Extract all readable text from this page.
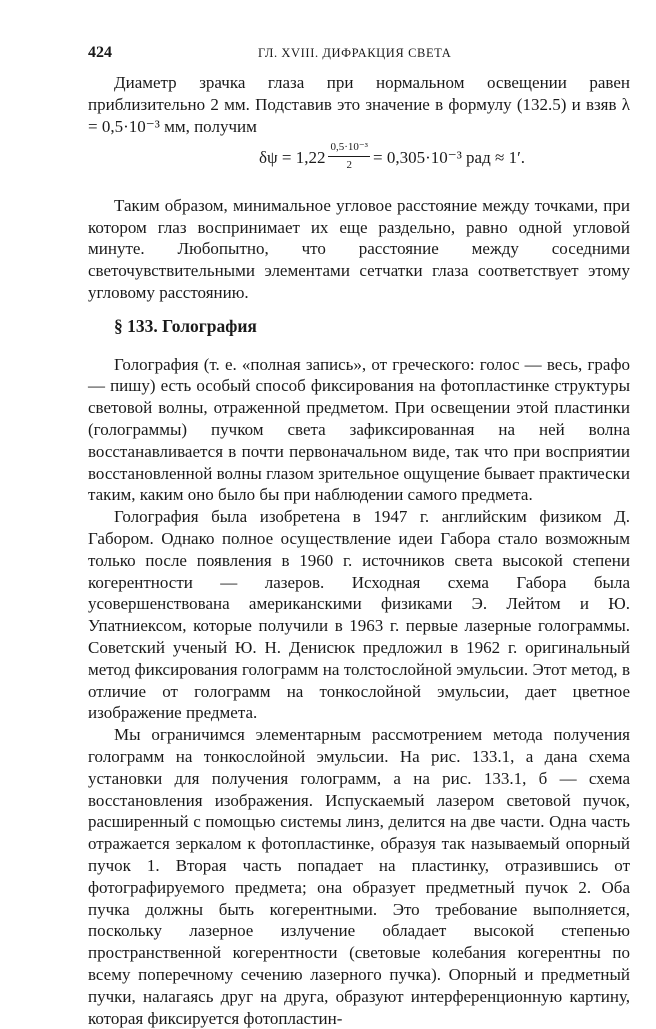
424	ГЛ. XVIII. ДИФРАКЦИЯ СВЕТА

Диаметр зрачка глаза при нормальном освещении равен приблизительно 2 мм. Подставив это значение в формулу (132.5) и взяв λ = 0,5·10⁻³ мм, получим

$\delta\psi = 1,22 \frac{\text{0,5·10⁻³}}{2} = 0,305\cdot 10^{-3}$ рад ≈ 1′.

Таким образом, минимальное угловое расстояние между точками, при котором глаз воспринимает их еще раздельно, равно одной угловой минуте. Любопытно, что расстояние между соседними светочувствительными элементами сетчатки глаза соответствует этому угловому расстоянию.

§ 133. Голография

Голография (т. е. «полная запись», от греческого: голос — весь, графо — пишу) есть особый способ фиксирования на фотопластинке структуры световой волны, отраженной предметом. При освещении этой пластинки (голограммы) пучком света зафиксированная на ней волна восстанавливается в почти первоначальном виде, так что при восприятии восстановленной волны глазом зрительное ощущение бывает практически таким, каким оно было бы при наблюдении самого предмета.

Голография была изобретена в 1947 г. английским физиком Д. Габором. Однако полное осуществление идеи Габора стало возможным только после появления в 1960 г. источников света высокой степени когерентности — лазеров. Исходная схема Габора была усовершенствована американскими физиками Э. Лейтом и Ю. Упатниексом, которые получили в 1963 г. первые лазерные голограммы. Советский ученый Ю. Н. Денисюк предложил в 1962 г. оригинальный метод фиксирования голограмм на толстослойной эмульсии. Этот метод, в отличие от голограмм на тонкослойной эмульсии, дает цветное изображение предмета.

Мы ограничимся элементарным рассмотрением метода получения голограмм на тонкослойной эмульсии. На рис. 133.1, а дана схема установки для получения голограмм, а на рис. 133.1, б — схема восстановления изображения. Испускаемый лазером световой пучок, расширенный с помощью системы линз, делится на две части. Одна часть отражается зеркалом к фотопластинке, образуя так называемый опорный пучок 1. Вторая часть попадает на пластинку, отразившись от фотографируемого предмета; она образует предметный пучок 2. Оба пучка должны быть когерентными. Это требование выполняется, поскольку лазерное излучение обладает высокой степенью пространственной когерентности (световые колебания когерентны по всему поперечному сечению лазерного пучка). Опорный и предметный пучки, налагаясь друг на друга, образуют интерференционную картину, которая фиксируется фотопластин-
